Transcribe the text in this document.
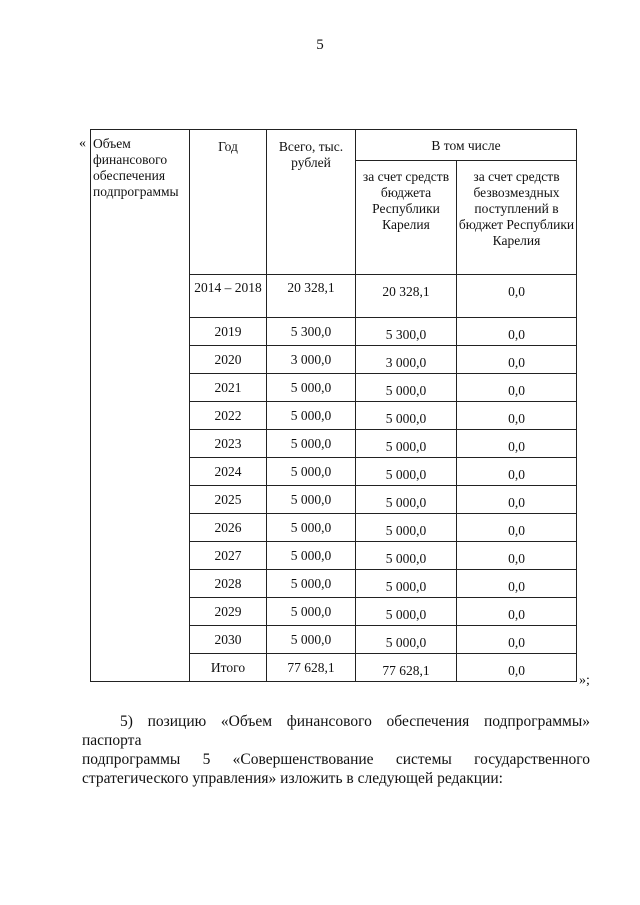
5
« Объем финансового обеспечения подпрограммы	Год	Всего, тыс. рублей	В том числе	
			за счет средств бюджета Республики Карелия	за счет средств безвозмездных поступлений в бюджет Республики Карелия
	2014 – 2018	20 328,1	20 328,1	0,0
	2019	5 300,0	5 300,0	0,0
	2020	3 000,0	3 000,0	0,0
	2021	5 000,0	5 000,0	0,0
	2022	5 000,0	5 000,0	0,0
	2023	5 000,0	5 000,0	0,0
	2024	5 000,0	5 000,0	0,0
	2025	5 000,0	5 000,0	0,0
	2026	5 000,0	5 000,0	0,0
	2027	5 000,0	5 000,0	0,0
	2028	5 000,0	5 000,0	0,0
	2029	5 000,0	5 000,0	0,0
	2030	5 000,0	5 000,0	0,0
	Итого	77 628,1	77 628,1	0,0
»;
5) позицию «Объем финансового обеспечения подпрограммы» паспорта
подпрограммы 5 «Совершенствование системы государственного
стратегического управления» изложить в следующей редакции:
